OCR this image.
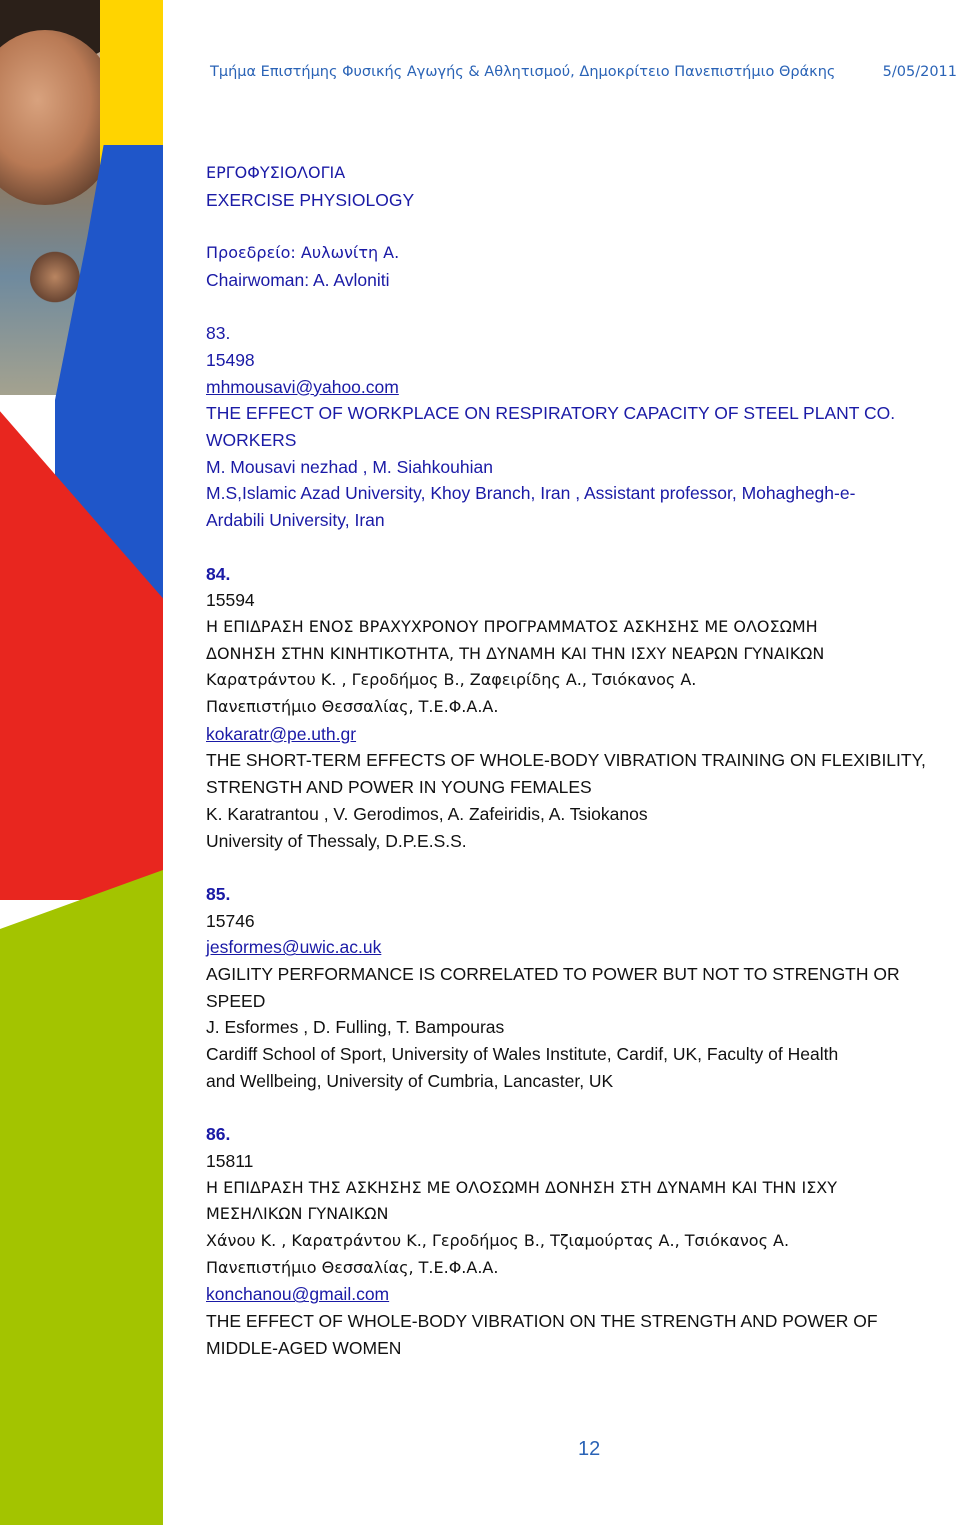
Τμήμα Επιστήμης Φυσικής Αγωγής & Αθλητισμού, Δημοκρίτειο Πανεπιστήμιο Θράκης	5/05/2011

ΕΡΓΟΦΥΣΙΟΛΟΓΙΑ

EXERCISE PHYSIOLOGY

Προεδρείο: Αυλωνίτη Α.

Chairwoman: A. Avloniti

83.

15498

mhmousavi@yahoo.com

THE EFFECT OF WORKPLACE ON RESPIRATORY CAPACITY OF STEEL PLANT CO.

WORKERS

M. Mousavi nezhad , M. Siahkouhian

M.S,Islamic Azad University, Khoy Branch, Iran , Assistant professor, Mohaghegh-e-

Ardabili University, Iran

84.

15594

Η ΕΠΙΔΡΑΣΗ ΕΝΟΣ ΒΡΑΧΥΧΡΟΝΟΥ ΠΡΟΓΡΑΜΜΑΤΟΣ ΑΣΚΗΣΗΣ ΜΕ ΟΛΟΣΩΜΗ

ΔΟΝΗΣΗ ΣΤΗΝ ΚΙΝΗΤΙΚΟΤΗΤΑ, ΤΗ ΔΥΝΑΜΗ ΚΑΙ ΤΗΝ ΙΣΧΥ ΝΕΑΡΩΝ ΓΥΝΑΙΚΩΝ

Καρατράντου Κ. , Γεροδήμος Β., Ζαφειρίδης Α., Τσιόκανος Α.

Πανεπιστήμιο Θεσσαλίας, Τ.Ε.Φ.Α.Α.

kokaratr@pe.uth.gr

THE SHORT-TERM EFFECTS OF WHOLE-BODY VIBRATION TRAINING ON FLEXIBILITY,

STRENGTH AND POWER IN YOUNG FEMALES

K. Karatrantou , V. Gerodimos, A. Zafeiridis, A. Tsiokanos

University of Thessaly, D.P.E.S.S.

85.

15746

jesformes@uwic.ac.uk

AGILITY PERFORMANCE IS CORRELATED TO POWER BUT NOT TO STRENGTH OR

SPEED

J. Esformes , D. Fulling, T. Bampouras

Cardiff School of Sport, University of Wales Institute, Cardif, UK, Faculty of Health

and Wellbeing, University of Cumbria, Lancaster, UK

86.

15811

Η ΕΠΙΔΡΑΣΗ ΤΗΣ ΑΣΚΗΣΗΣ ΜΕ ΟΛΟΣΩΜΗ ΔΟΝΗΣΗ ΣΤΗ ΔΥΝΑΜΗ ΚΑΙ ΤΗΝ ΙΣΧΥ

ΜΕΣΗΛΙΚΩΝ ΓΥΝΑΙΚΩΝ

Χάνου Κ. , Καρατράντου Κ., Γεροδήμος Β., Τζιαμούρτας Α., Τσιόκανος Α.

Πανεπιστήμιο Θεσσαλίας, Τ.Ε.Φ.Α.Α.

konchanou@gmail.com

THE EFFECT OF WHOLE-BODY VIBRATION ON THE STRENGTH AND POWER OF

MIDDLE-AGED WOMEN

12
